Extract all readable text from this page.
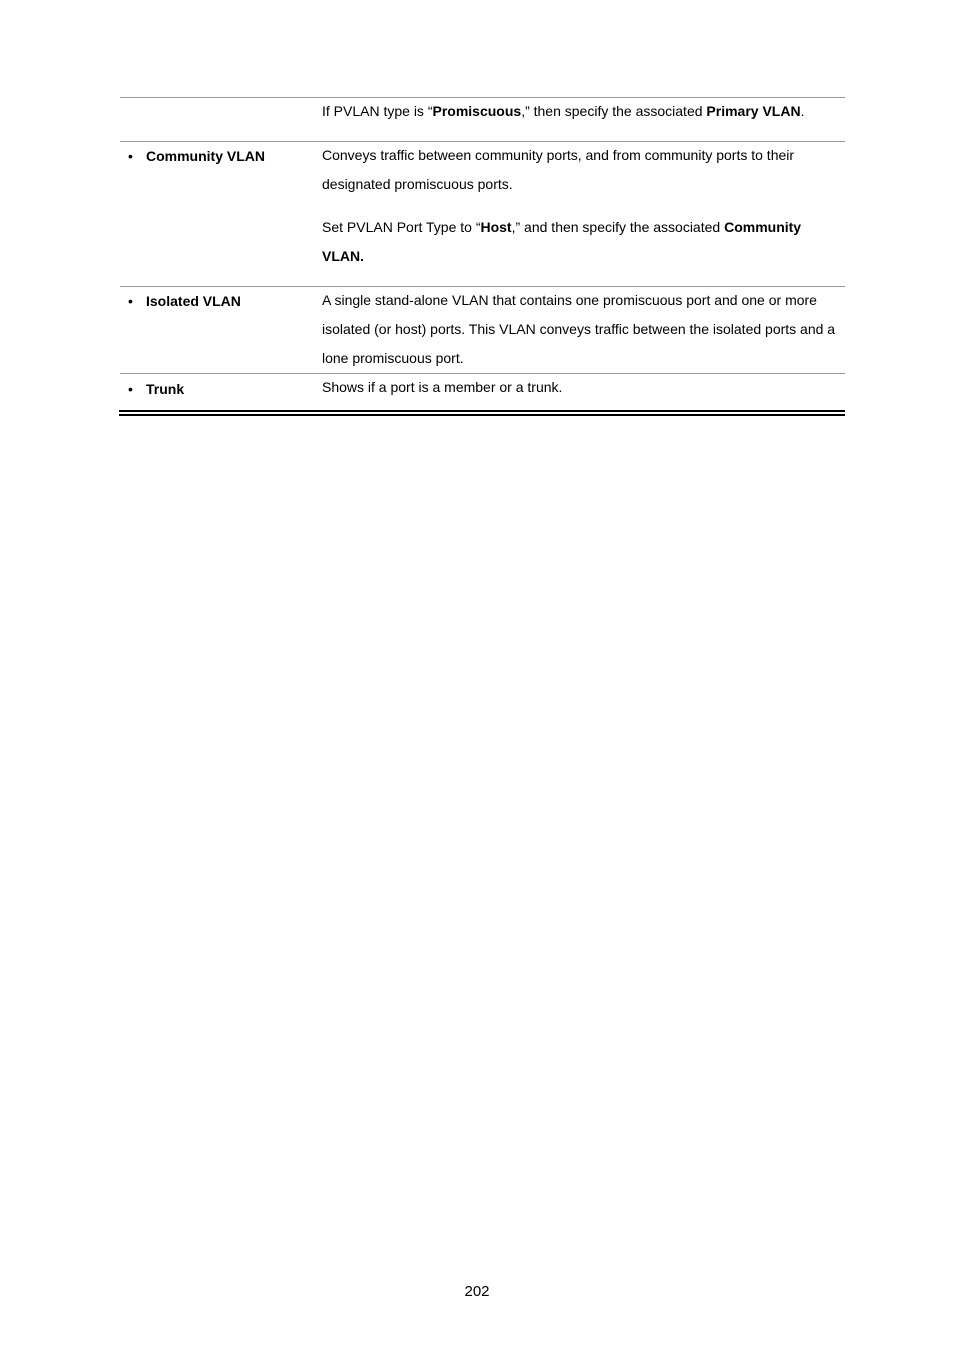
If PVLAN type is “Promiscuous,” then specify the associated Primary VLAN.

• Community VLAN	Conveys traffic between community ports, and from community ports to their designated promiscuous ports.

Set PVLAN Port Type to “Host,” and then specify the associated Community VLAN.

• Isolated VLAN	A single stand-alone VLAN that contains one promiscuous port and one or more isolated (or host) ports. This VLAN conveys traffic between the isolated ports and a lone promiscuous port.

• Trunk	Shows if a port is a member or a trunk.

202
